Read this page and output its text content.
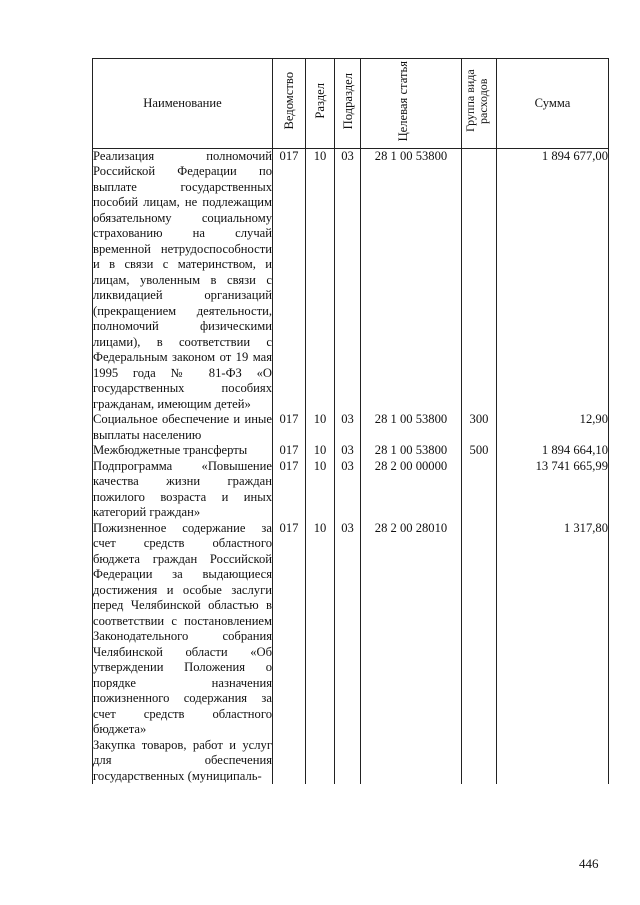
Наименование	Ведомство	Раздел	Подраздел	Целевая статья	Группа вида расходов	Сумма
Реализация полномочий Российской Федерации по выплате государственных пособий лицам, не подлежащим обязательному социальному страхованию на случай временной нетрудоспособности и в связи с материнством, и лицам, уволенным в связи с ликвидацией организаций (прекращением деятельности, полномочий физическими лицами), в соответствии с Федеральным законом от 19 мая 1995 года № 81-ФЗ «О государственных пособиях гражданам, имеющим детей»	017	10	03	28 1 00 53800		1 894 677,00
Социальное обеспечение и иные выплаты населению	017	10	03	28 1 00 53800	300	12,90
Межбюджетные трансферты	017	10	03	28 1 00 53800	500	1 894 664,10
Подпрограмма «Повышение качества жизни граждан пожилого возраста и иных категорий граждан»	017	10	03	28 2 00 00000		13 741 665,99
Пожизненное содержание за счет средств областного бюджета граждан Российской Федерации за выдающиеся достижения и особые заслуги перед Челябинской областью в соответствии с постановлением Законодательного собрания Челябинской области «Об утверждении Положения о порядке назначения пожизненного содержания за счет средств областного бюджета»	017	10	03	28 2 00 28010		1 317,80
Закупка товаров, работ и услуг для обеспечения государственных (муниципаль-						
446
